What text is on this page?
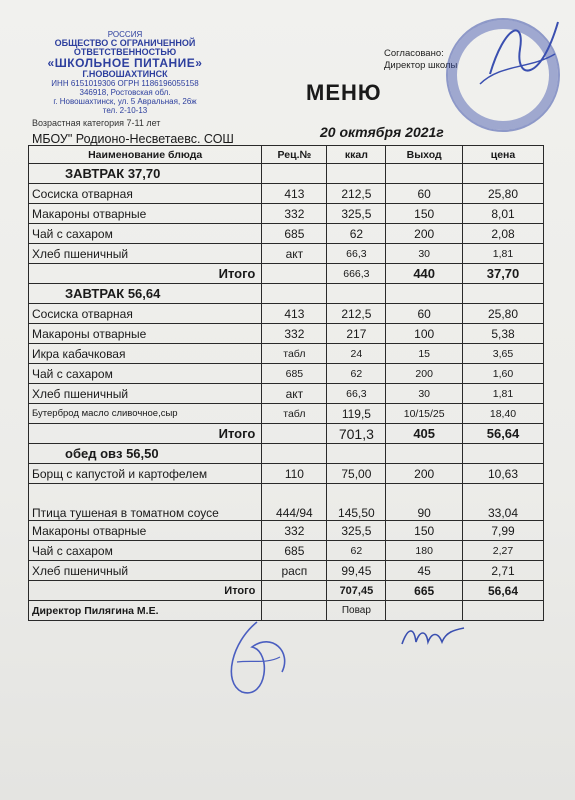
РОССИЯ
ОБЩЕСТВО С ОГРАНИЧЕННОЙ
ОТВЕТСТВЕННОСТЬЮ
«ШКОЛЬНОЕ ПИТАНИЕ»
Г.НОВОШАХТИНСК
ИНН 6151019306 ОГРН 1186196055158
346918, Ростовская обл.
г. Новошахтинск, ул. 5 Авральная, 26ж
тел. 2-10-13
Согласовано:
Директор школы
МЕНЮ
Возрастная категория 7-11 лет
МБОУ" Родионо-Несветаевс. СОШ	20 октября 2021г
Наименование блюда	Рец.№	ккал	Выход	цена
ЗАВТРАК 37,70				
Сосиска отварная	413	212,5	60	25,80
Макароны отварные	332	325,5	150	8,01
Чай с сахаром	685	62	200	2,08
Хлеб пшеничный	акт	66,3	30	1,81
Итого		666,3	440	37,70
ЗАВТРАК 56,64				
Сосиска отварная	413	212,5	60	25,80
Макароны отварные	332	217	100	5,38
Икра кабачковая	табл	24	15	3,65
Чай с сахаром	685	62	200	1,60
Хлеб пшеничный	акт	66,3	30	1,81
Бутерброд масло сливочное,сыр	табл	119,5	10/15/25	18,40
Итого		701,3	405	56,64
обед овз 56,50				
Борщ с капустой и картофелем	110	75,00	200	10,63
Птица тушеная в томатном соусе	444/94	145,50	90	33,04
Макароны отварные	332	325,5	150	7,99
Чай с сахаром	685	62	180	2,27
Хлеб пшеничный	расп	99,45	45	2,71
Итого		707,45	665	56,64
Директор Пилягина М.Е.		Повар		
